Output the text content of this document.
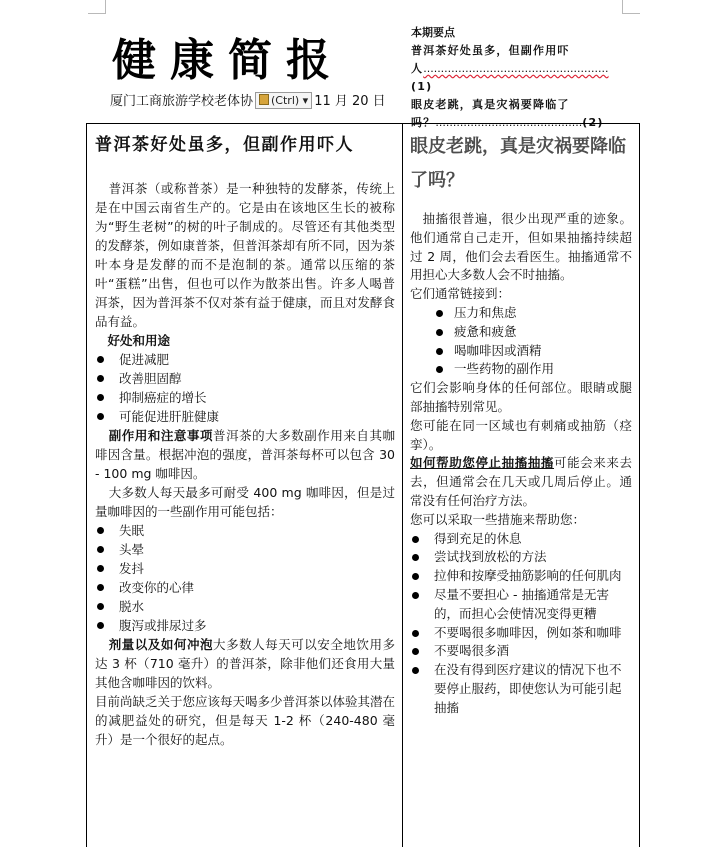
健康简报
厦门工商旅游学校老体协 (Ctrl) ▾ 11 月 20 日
本期要点
普洱茶好处虽多，但副作用吓人.....................................................(1)
眼皮老跳，真是灾祸要降临了吗？..........................................(2)
普洱茶好处虽多，但副作用吓人

普洱茶（或称普茶）是一种独特的发酵茶，传统上是在中国云南省生产的。它是由在该地区生长的被称为“野生老树”的树的叶子制成的。尽管还有其他类型的发酵茶，例如康普茶，但普洱茶却有所不同，因为茶叶本身是发酵的而不是泡制的茶。通常以压缩的茶叶“蛋糕”出售，但也可以作为散茶出售。许多人喝普洱茶，因为普洱茶不仅对茶有益于健康，而且对发酵食品有益。

好处和用途
促进减肥
改善胆固醇
抑制癌症的增长
可能促进肝脏健康

副作用和注意事项普洱茶的大多数副作用来自其咖啡因含量。根据冲泡的强度，普洱茶每杯可以包含 30 - 100 mg 咖啡因。

大多数人每天最多可耐受 400 mg 咖啡因，但是过量咖啡因的一些副作用可能包括：

失眠
头晕
发抖
改变你的心律
脱水
腹泻或排尿过多

剂量以及如何冲泡大多数人每天可以安全地饮用多达 3 杯（710 毫升）的普洱茶，除非他们还食用大量其他含咖啡因的饮料。

目前尚缺乏关于您应该每天喝多少普洱茶以体验其潜在的减肥益处的研究，但是每天 1-2 杯（240-480 毫升）是一个很好的起点。

眼皮老跳，真是灾祸要降临了吗？

抽搐很普遍，很少出现严重的迹象。他们通常自己走开，但如果抽搐持续超过 2 周，他们会去看医生。抽搐通常不用担心大多数人会不时抽搐。

它们通常链接到：
压力和焦虑
疲惫和疲惫
喝咖啡因或酒精
一些药物的副作用

它们会影响身体的任何部位。眼睛或腿部抽搐特别常见。

您可能在同一区域也有刺痛或抽筋（痉挛）。

如何帮助您停止抽搐抽搐可能会来来去去，但通常会在几天或几周后停止。通常没有任何治疗方法。

您可以采取一些措施来帮助您：
得到充足的休息
尝试找到放松的方法
拉伸和按摩受抽筋影响的任何肌肉
尽量不要担心 - 抽搐通常是无害的，而担心会使情况变得更糟
不要喝很多咖啡因，例如茶和咖啡
不要喝很多酒
在没有得到医疗建议的情况下也不要停止服药，即使您认为可能引起抽搐
